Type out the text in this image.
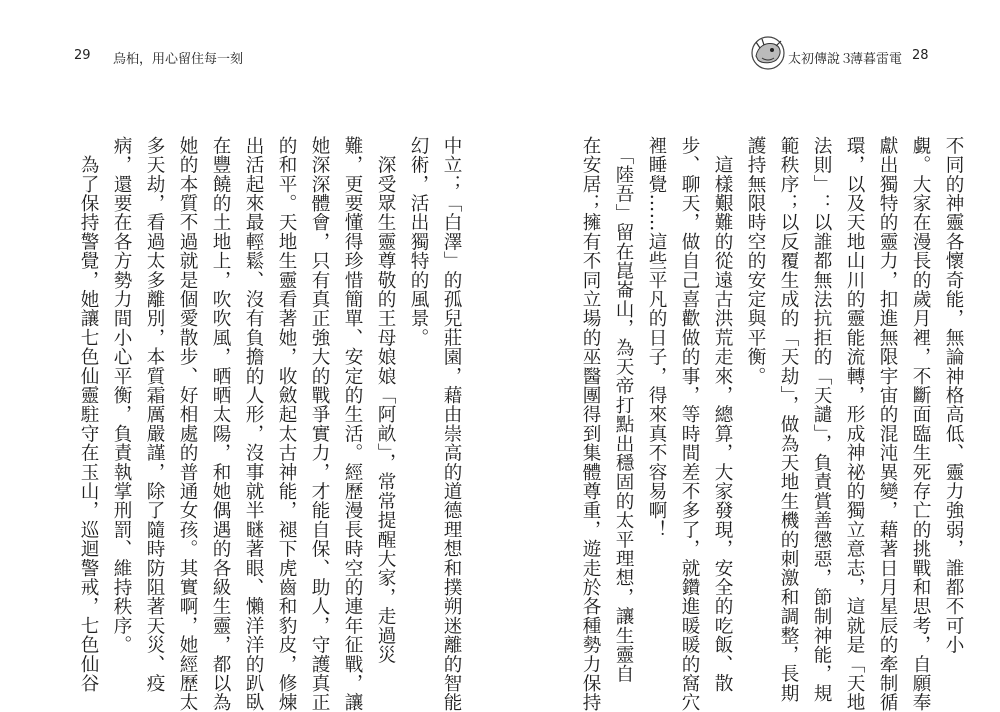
29 烏桕，用心留住每一刻	太初傳說３
薄暮雷電 28

中立；「白澤」的孤兒莊園，藉由崇高的道德理想和撲朔迷離的智能

幻術，活出獨特的風景。

　深受眾生靈尊敬的王母娘娘「阿畝」，常常提醒大家，走過災

難，更要懂得珍惜簡單、安定的生活。經歷漫長時空的連年征戰，讓

她深深體會，只有真正強大的戰爭實力，才能自保、助人，守護真正

的和平。天地生靈看著她，收斂起太古神能，褪下虎齒和豹皮，修煉

出活起來最輕鬆、沒有負擔的人形，沒事就半瞇著眼、懶洋洋的趴臥

在豐饒的土地上，吹吹風，晒晒太陽，和她偶遇的各級生靈，都以為

她的本質不過就是個愛散步、好相處的普通女孩。其實啊，她經歷太

多天劫，看過太多離別，本質霜厲嚴謹，除了隨時防阻著天災、疫

病，還要在各方勢力間小心平衡，負責執掌刑罰、維持秩序。

　為了保持警覺，她讓七色仙靈駐守在玉山，巡迴警戒，七色仙谷	不同的神靈各懷奇能，無論神格高低、靈力強弱，誰都不可小

覷。大家在漫長的歲月裡，不斷面臨生死存亡的挑戰和思考，自願奉

獻出獨特的靈力，扣進無限宇宙的混沌異變，藉著日月星辰的牽制循

環，以及天地山川的靈能流轉，形成神祕的獨立意志，這就是「天地

法則」：以誰都無法抗拒的「天譴」，負責賞善懲惡，節制神能，規

範秩序；以反覆生成的「天劫」，做為天地生機的刺激和調整，長期

護持無限時空的安定與平衡。

　這樣艱難的從遠古洪荒走來，總算，大家發現，安全的吃飯、散

步、聊天，做自己喜歡做的事，等時間差不多了，就鑽進暖暖的窩穴

裡睡覺……這些平凡的日子，得來真不容易啊！

　「陸吾」留在崑崙山，為天帝打點出穩固的太平理想，讓生靈自

在安居；擁有不同立場的巫醫團得到集體尊重，遊走於各種勢力保持
